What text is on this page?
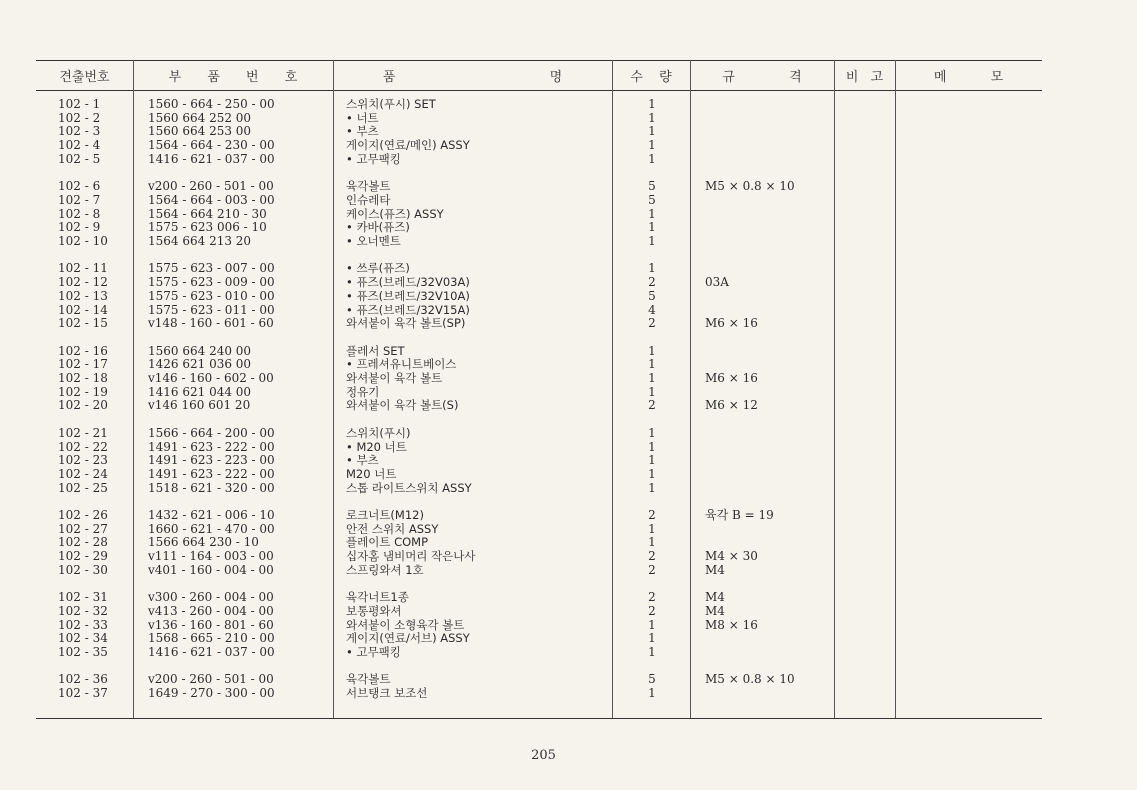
견출번호	부 품 번 호	품 명	수 량	규 격	비 고	메 모
102 - 1	1560 - 664 - 250 - 00	스위치(푸시) SET	1
102 - 2	1560 664 252 00	• 너트	1
102 - 3	1560 664 253 00	• 부츠	1
102 - 4	1564 - 664 - 230 - 00	게이지(연료/메인) ASSY	1
102 - 5	1416 - 621 - 037 - 00	• 고무팩킹	1
102 - 6	v200 - 260 - 501 - 00	육각볼트	5	M5 × 0.8 × 10
102 - 7	1564 - 664 - 003 - 00	인슈레타	5
102 - 8	1564 - 664 210 - 30	케이스(퓨즈) ASSY	1
102 - 9	1575 - 623 006 - 10	• 카바(퓨즈)	1
102 - 10	1564 664 213 20	• 오너멘트	1
102 - 11	1575 - 623 - 007 - 00	• 쓰루(퓨즈)	1
102 - 12	1575 - 623 - 009 - 00	• 퓨즈(브레드/32V03A)	2	03A
102 - 13	1575 - 623 - 010 - 00	• 퓨즈(브레드/32V10A)	5
102 - 14	1575 - 623 - 011 - 00	• 퓨즈(브레드/32V15A)	4
102 - 15	v148 - 160 - 601 - 60	와셔붙이 육각 볼트(SP)	2	M6 × 16
102 - 16	1560 664 240 00	플레서 SET	1
102 - 17	1426 621 036 00	• 프레셔유니트베이스	1
102 - 18	v146 - 160 - 602 - 00	와셔붙이 육각 볼트	1	M6 × 16
102 - 19	1416 621 044 00	정유기	1
102 - 20	v146 160 601 20	와셔붙이 육각 볼트(S)	2	M6 × 12
102 - 21	1566 - 664 - 200 - 00	스위치(푸시)	1
102 - 22	1491 - 623 - 222 - 00	• M20 너트	1
102 - 23	1491 - 623 - 223 - 00	• 부츠	1
102 - 24	1491 - 623 - 222 - 00	M20 너트	1
102 - 25	1518 - 621 - 320 - 00	스톱 라이트스위치 ASSY	1
102 - 26	1432 - 621 - 006 - 10	로크너트(M12)	2	육각 B = 19
102 - 27	1660 - 621 - 470 - 00	안전 스위치 ASSY	1
102 - 28	1566 664 230 - 10	플레이트 COMP	1
102 - 29	v111 - 164 - 003 - 00	십자홈 냄비머리 작은나사	2	M4 × 30
102 - 30	v401 - 160 - 004 - 00	스프링와셔 1호	2	M4
102 - 31	v300 - 260 - 004 - 00	육각너트1종	2	M4
102 - 32	v413 - 260 - 004 - 00	보통평와셔	2	M4
102 - 33	v136 - 160 - 801 - 60	와셔붙이 소형육각 볼트	1	M8 × 16
102 - 34	1568 - 665 - 210 - 00	게이지(연료/서브) ASSY	1
102 - 35	1416 - 621 - 037 - 00	• 고무팩킹	1
102 - 36	v200 - 260 - 501 - 00	육각볼트	5	M5 × 0.8 × 10
102 - 37	1649 - 270 - 300 - 00	서브탱크 보조선	1
205
